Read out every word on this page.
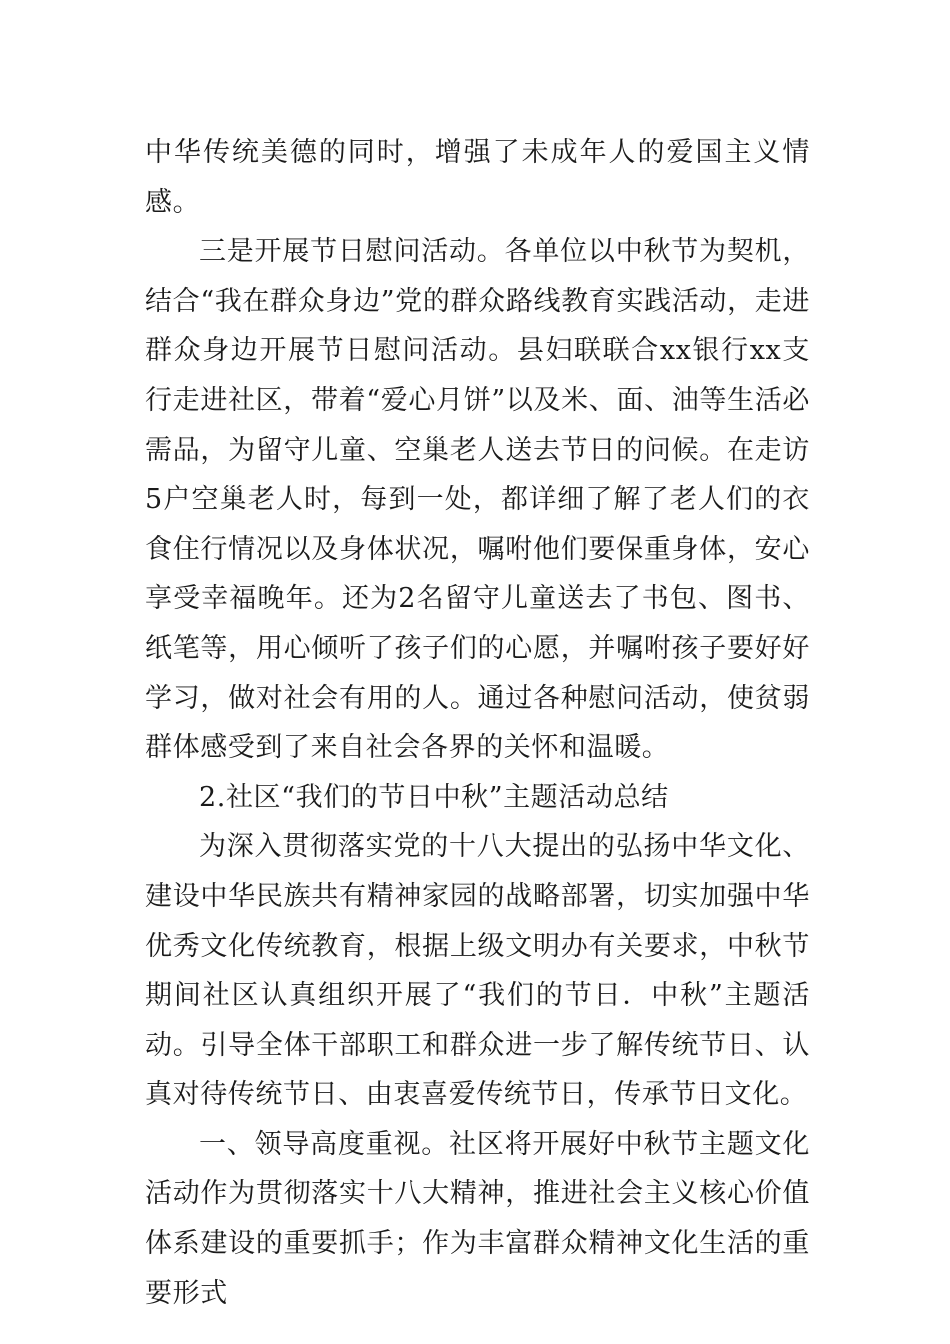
中华传统美德的同时，增强了未成年人的爱国主义情感。

三是开展节日慰问活动。各单位以中秋节为契机，结合“我在群众身边”党的群众路线教育实践活动，走进群众身边开展节日慰问活动。县妇联联合xx银行xx支行走进社区，带着“爱心月饼”以及米、面、油等生活必需品，为留守儿童、空巢老人送去节日的问候。在走访5户空巢老人时，每到一处，都详细了解了老人们的衣食住行情况以及身体状况，嘱咐他们要保重身体，安心享受幸福晚年。还为2名留守儿童送去了书包、图书、纸笔等，用心倾听了孩子们的心愿，并嘱咐孩子要好好学习，做对社会有用的人。通过各种慰问活动，使贫弱群体感受到了来自社会各界的关怀和温暖。

2.社区“我们的节日中秋”主题活动总结

为深入贯彻落实党的十八大提出的弘扬中华文化、建设中华民族共有精神家园的战略部署，切实加强中华优秀文化传统教育，根据上级文明办有关要求，中秋节期间社区认真组织开展了“我们的节日．中秋”主题活动。引导全体干部职工和群众进一步了解传统节日、认真对待传统节日、由衷喜爱传统节日，传承节日文化。

一、领导高度重视。社区将开展好中秋节主题文化活动作为贯彻落实十八大精神，推进社会主义核心价值体系建设的重要抓手；作为丰富群众精神文化生活的重要形式
